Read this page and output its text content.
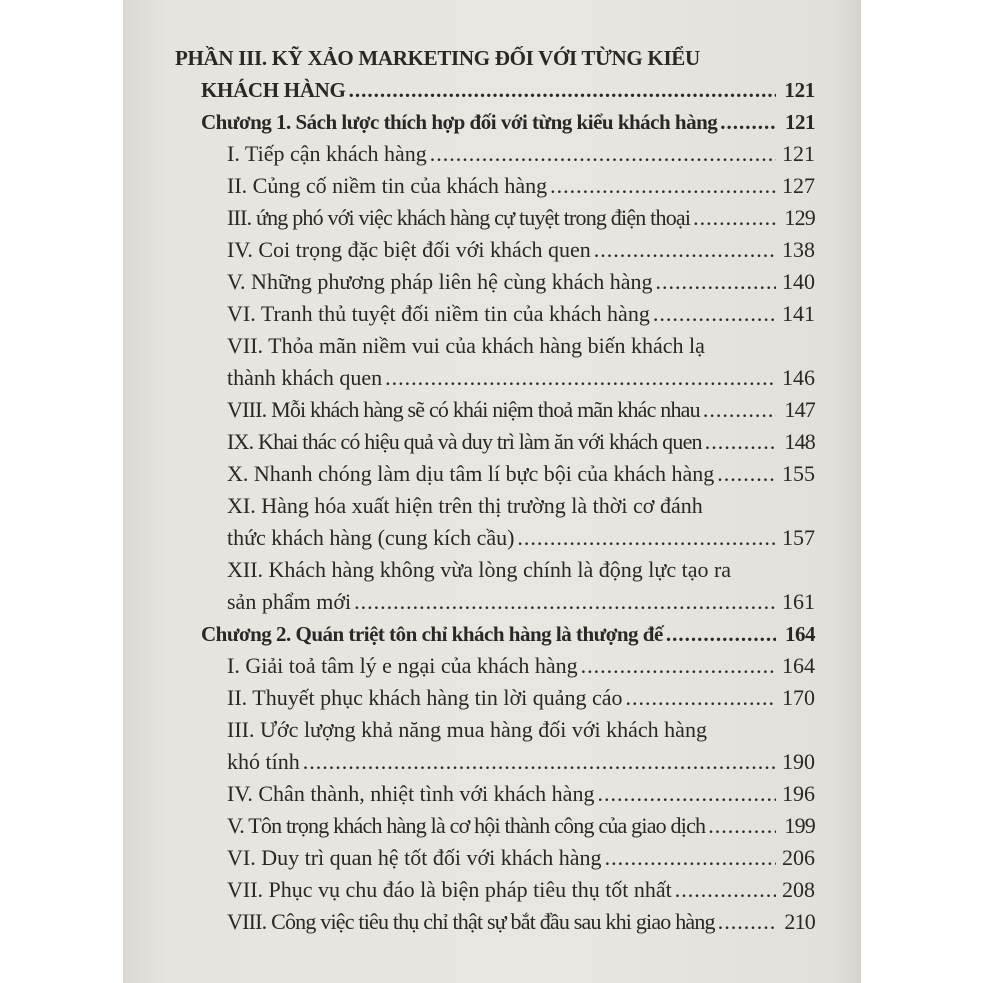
PHẦN III. KỸ XẢO MARKETING ĐỐI VỚI TỪNG KIỂU
KHÁCH HÀNG .....	121
Chương 1. Sách lược thích hợp đối với từng kiểu khách hàng .....	121
I. Tiếp cận khách hàng .....	121
II. Củng cố niềm tin của khách hàng .....	127
III. ứng phó với việc khách hàng cự tuyệt trong điện thoại .....	129
IV. Coi trọng đặc biệt đối với khách quen .....	138
V. Những phương pháp liên hệ cùng khách hàng .....	140
VI. Tranh thủ tuyệt đối niềm tin của khách hàng .....	141
VII. Thỏa mãn niềm vui của khách hàng biến khách lạ
thành khách quen .....	146
VIII. Mỗi khách hàng sẽ có khái niệm thoả mãn khác nhau .....	147
IX. Khai thác có hiệu quả và duy trì làm ăn với khách quen .....	148
X. Nhanh chóng làm dịu tâm lí bực bội của khách hàng .....	155
XI. Hàng hóa xuất hiện trên thị trường là thời cơ đánh
thức khách hàng (cung kích cầu) .....	157
XII. Khách hàng không vừa lòng chính là động lực tạo ra
sản phẩm mới .....	161
Chương 2. Quán triệt tôn chỉ khách hàng là thượng đế .....	164
I. Giải toả tâm lý e ngại của khách hàng .....	164
II. Thuyết phục khách hàng tin lời quảng cáo .....	170
III. Ước lượng khả năng mua hàng đối với khách hàng
khó tính .....	190
IV. Chân thành, nhiệt tình với khách hàng .....	196
V. Tôn trọng khách hàng là cơ hội thành công của giao dịch .....	199
VI. Duy trì quan hệ tốt đối với khách hàng .....	206
VII. Phục vụ chu đáo là biện pháp tiêu thụ tốt nhất .....	208
VIII. Công việc tiêu thụ chỉ thật sự bắt đầu sau khi giao hàng .....	210
